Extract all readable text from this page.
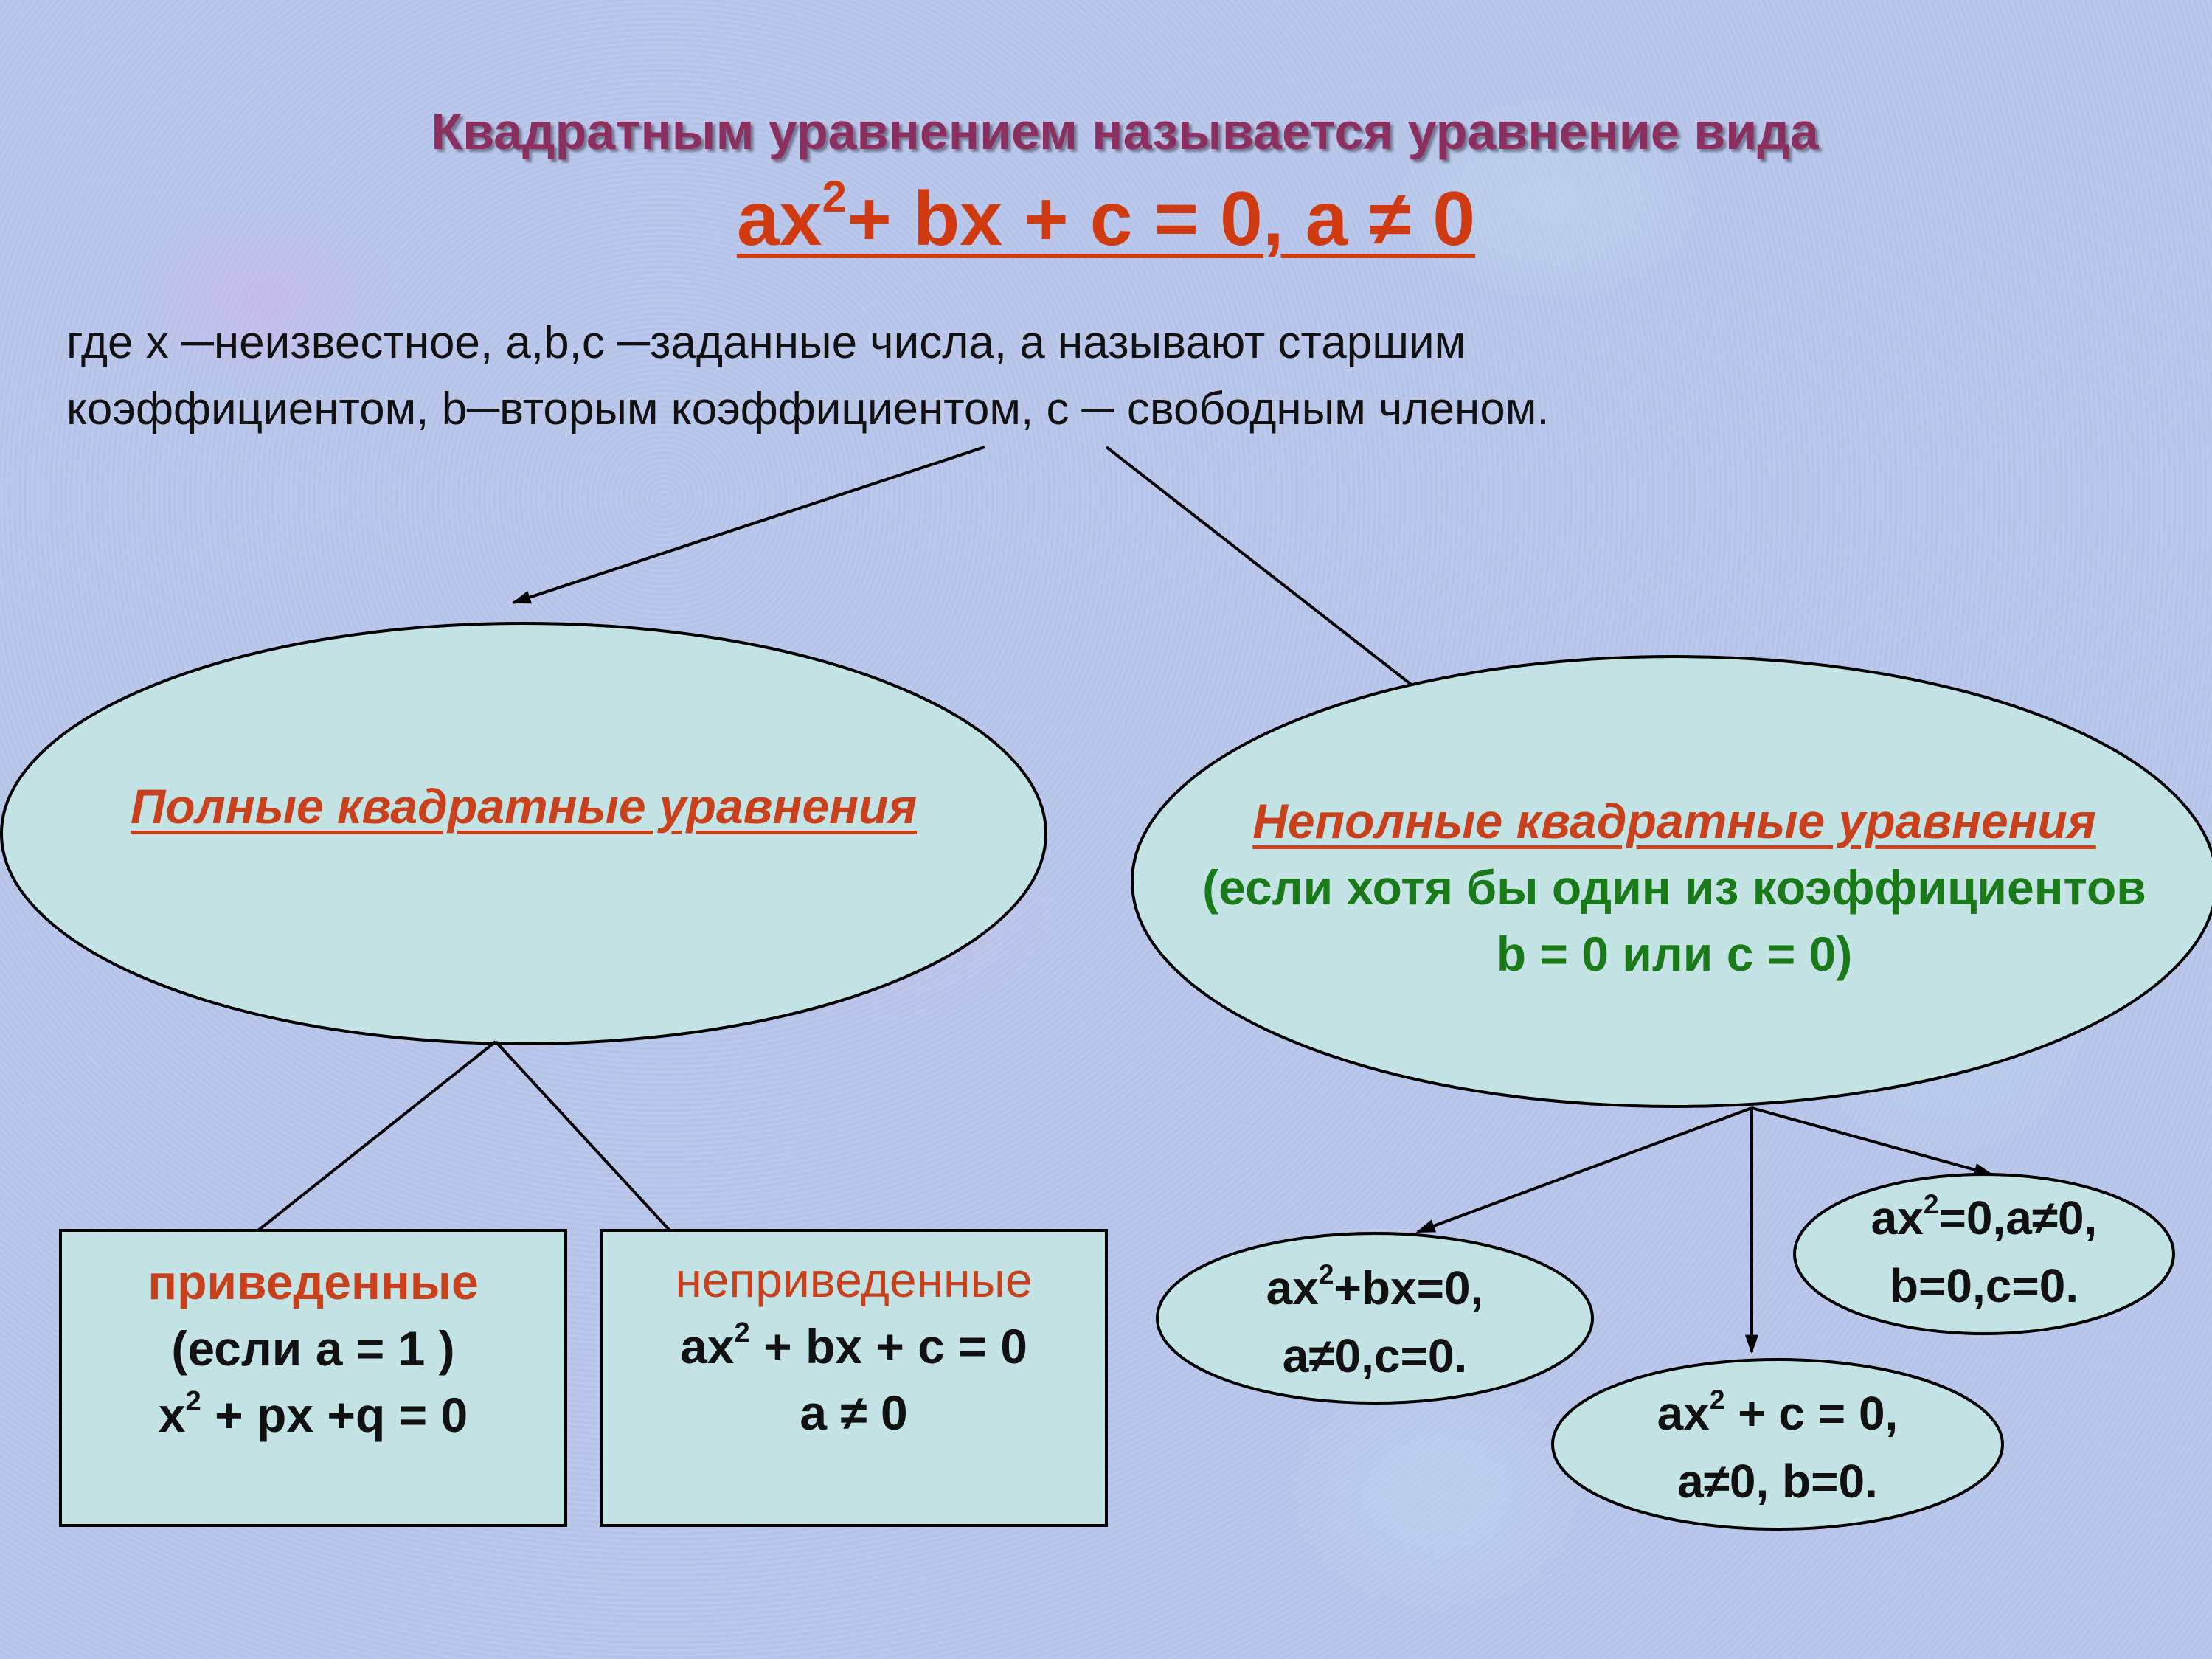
Квадратным уравнением называется уравнение вида
$ax^2+$ bx + c = 0, a ≠ 0
где х ─неизвестное, a,b,c ─заданные числа, а называют старшим
коэффициентом, b─вторым коэффициентом, с ─ свободным членом.
Полные квадратные уравнения	Неполные квадратные уравнения
(если хотя бы один из коэффициентов
b = 0 или c = 0)
приведенные
(если а = 1 )
$x^2$ + px +q = 0
неприведенные
$ax^2$ + bx + c = 0
a ≠ 0
$ax^2+bx=0$,
a≠0,c=0.
$ax^2 + c = 0$,
a≠0, b=0.
$ax^2=0,a\ne 0$,
b=0,c=0.
